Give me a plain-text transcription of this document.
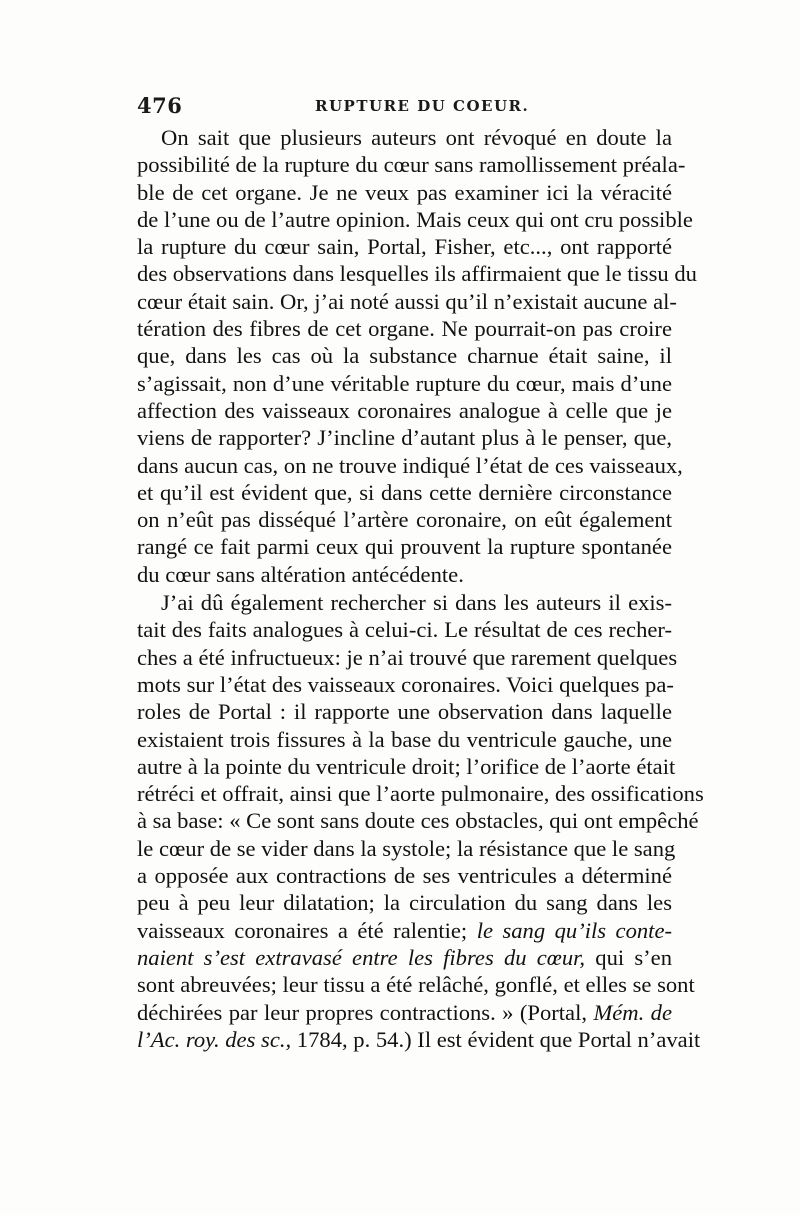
476	RUPTURE DU COEUR.
On sait que plusieurs auteurs ont révoqué en doute la
possibilité de la rupture du cœur sans ramollissement préala-
ble de cet organe. Je ne veux pas examiner ici la véracité
de l’une ou de l’autre opinion. Mais ceux qui ont cru possible
la rupture du cœur sain, Portal, Fisher, etc..., ont rapporté
des observations dans lesquelles ils affirmaient que le tissu du
cœur était sain. Or, j’ai noté aussi qu’il n’existait aucune al-
tération des fibres de cet organe. Ne pourrait-on pas croire
que, dans les cas où la substance charnue était saine, il
s’agissait, non d’une véritable rupture du cœur, mais d’une
affection des vaisseaux coronaires analogue à celle que je
viens de rapporter? J’incline d’autant plus à le penser, que,
dans aucun cas, on ne trouve indiqué l’état de ces vaisseaux,
et qu’il est évident que, si dans cette dernière circonstance
on n’eût pas disséqué l’artère coronaire, on eût également
rangé ce fait parmi ceux qui prouvent la rupture spontanée
du cœur sans altération antécédente.
J’ai dû également rechercher si dans les auteurs il exis-
tait des faits analogues à celui-ci. Le résultat de ces recher-
ches a été infructueux: je n’ai trouvé que rarement quelques
mots sur l’état des vaisseaux coronaires. Voici quelques pa-
roles de Portal : il rapporte une observation dans laquelle
existaient trois fissures à la base du ventricule gauche, une
autre à la pointe du ventricule droit; l’orifice de l’aorte était
rétréci et offrait, ainsi que l’aorte pulmonaire, des ossifications
à sa base: « Ce sont sans doute ces obstacles, qui ont empêché
le cœur de se vider dans la systole; la résistance que le sang
a opposée aux contractions de ses ventricules a déterminé
peu à peu leur dilatation; la circulation du sang dans les
vaisseaux coronaires a été ralentie; le sang qu’ils conte-
naient s’est extravasé entre les fibres du cœur, qui s’en
sont abreuvées; leur tissu a été relâché, gonflé, et elles se sont
déchirées par leur propres contractions. » (Portal, Mém. de
l’Ac. roy. des sc., 1784, p. 54.) Il est évident que Portal n’avait
